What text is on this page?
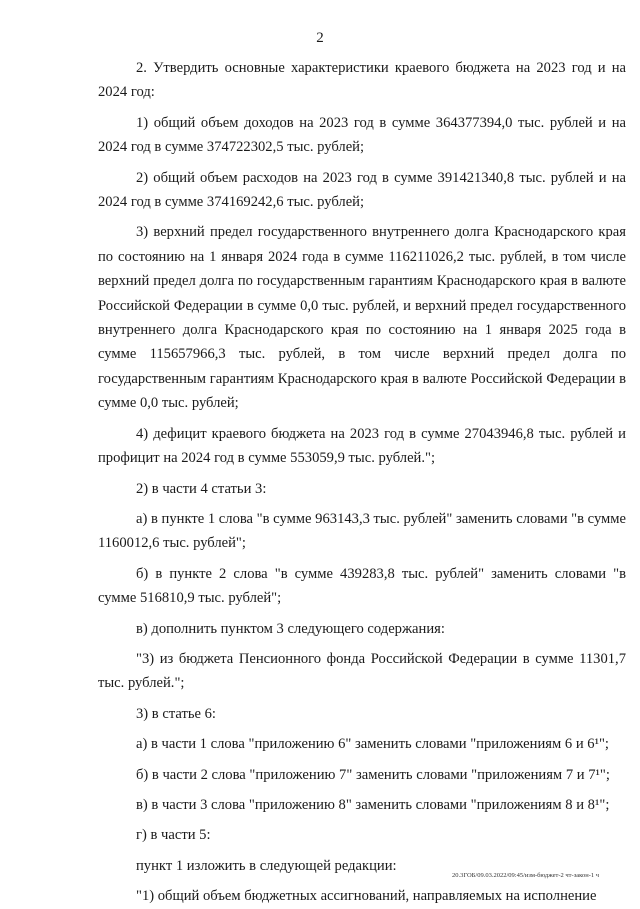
2

2. Утвердить основные характеристики краевого бюджета на 2023 год и на 2024 год:

1) общий объем доходов на 2023 год в сумме 364377394,0 тыс. рублей и на 2024 год в сумме 374722302,5 тыс. рублей;

2) общий объем расходов на 2023 год в сумме 391421340,8 тыс. рублей и на 2024 год в сумме 374169242,6 тыс. рублей;

3) верхний предел государственного внутреннего долга Краснодарского края по состоянию на 1 января 2024 года в сумме 116211026,2 тыс. рублей, в том числе верхний предел долга по государственным гарантиям Краснодарского края в валюте Российской Федерации в сумме 0,0 тыс. рублей, и верхний предел государственного внутреннего долга Краснодарского края по состоянию на 1 января 2025 года в сумме 115657966,3 тыс. рублей, в том числе верхний предел долга по государственным гарантиям Краснодарского края в валюте Российской Федерации в сумме 0,0 тыс. рублей;

4) дефицит краевого бюджета на 2023 год в сумме 27043946,8 тыс. рублей и профицит на 2024 год в сумме 553059,9 тыс. рублей.";

2) в части 4 статьи 3:

а) в пункте 1 слова "в сумме 963143,3 тыс. рублей" заменить словами "в сумме 1160012,6 тыс. рублей";

б) в пункте 2 слова "в сумме 439283,8 тыс. рублей" заменить словами "в сумме 516810,9 тыс. рублей";

в) дополнить пунктом 3 следующего содержания:

"3) из бюджета Пенсионного фонда Российской Федерации в сумме 11301,7 тыс. рублей.";

3) в статье 6:

а) в части 1 слова "приложению 6" заменить словами "приложениям 6 и 6¹";

б) в части 2 слова "приложению 7" заменить словами "приложениям 7 и 7¹";

в) в части 3 слова "приложению 8" заменить словами "приложениям 8 и 8¹";

г) в части 5:

пункт 1 изложить в следующей редакции:

"1) общий объем бюджетных ассигнований, направляемых на исполнение

20.3ГОБ/09.03.2022/09:45/изм-бюджет-2 чт-закон-1 ч
